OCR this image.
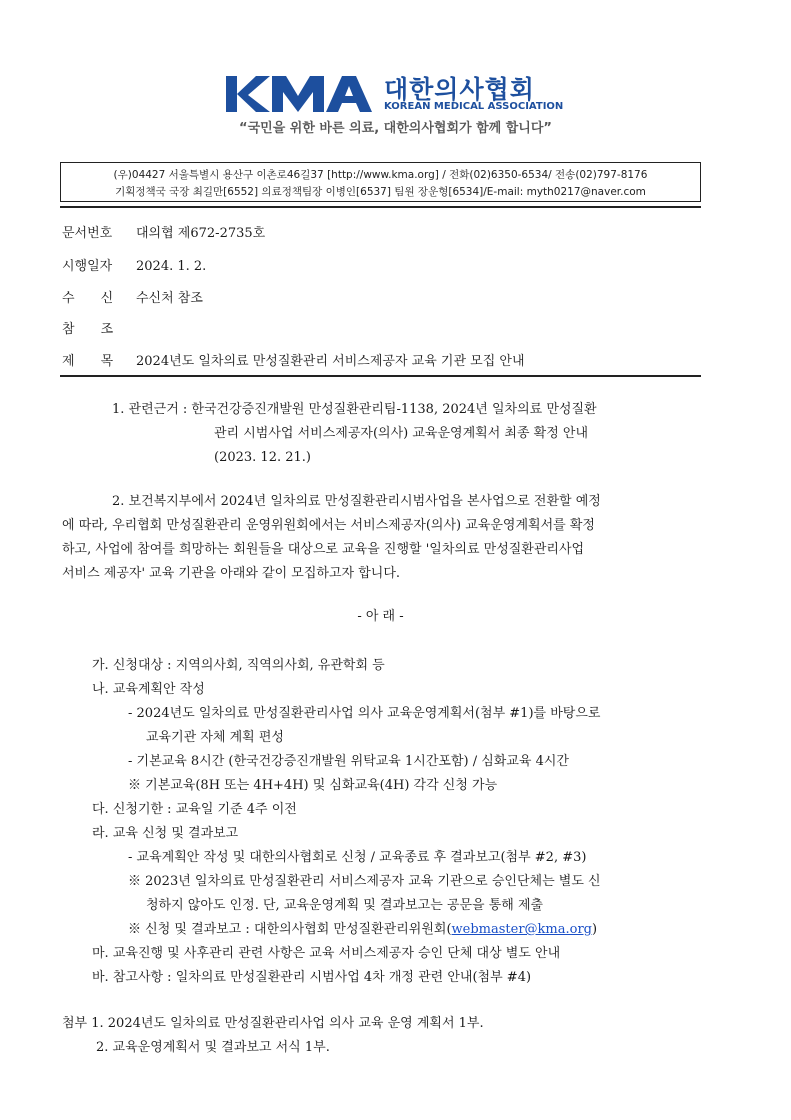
대한의사협회
KOREAN MEDICAL ASSOCIATION
“국민을 위한 바른 의료, 대한의사협회가 함께 합니다”
(우)04427 서울특별시 용산구 이촌로46길37 [http://www.kma.org] / 전화(02)6350-6534/ 전송(02)797-8176
기획정책국 국장 최길만[6552] 의료정책팀장 이병인[6537] 팀원 장운형[6534]/E-mail: myth0217@naver.com
문서번호 대의협 제672-2735호
시행일자 2024. 1. 2.
수 신 수신처 참조
참 조
제 목 2024년도 일차의료 만성질환관리 서비스제공자 교육 기관 모집 안내
1. 관련근거 : 한국건강증진개발원 만성질환관리팀-1138, 2024년 일차의료 만성질환
관리 시범사업 서비스제공자(의사) 교육운영계획서 최종 확정 안내
(2023. 12. 21.)
2. 보건복지부에서 2024년 일차의료 만성질환관리시범사업을 본사업으로 전환할 예정
에 따라, 우리협회 만성질환관리 운영위원회에서는 서비스제공자(의사) 교육운영계획서를 확정
하고, 사업에 참여를 희망하는 회원들을 대상으로 교육을 진행할 '일차의료 만성질환관리사업
서비스 제공자' 교육 기관을 아래와 같이 모집하고자 합니다.
- 아 래 -
가. 신청대상 : 지역의사회, 직역의사회, 유관학회 등
나. 교육계획안 작성
- 2024년도 일차의료 만성질환관리사업 의사 교육운영계획서(첨부 #1)를 바탕으로
교육기관 자체 계획 편성
- 기본교육 8시간 (한국건강증진개발원 위탁교육 1시간포함) / 심화교육 4시간
※ 기본교육(8H 또는 4H+4H) 및 심화교육(4H) 각각 신청 가능
다. 신청기한 : 교육일 기준 4주 이전
라. 교육 신청 및 결과보고
- 교육계획안 작성 및 대한의사협회로 신청 / 교육종료 후 결과보고(첨부 #2, #3)
※ 2023년 일차의료 만성질환관리 서비스제공자 교육 기관으로 승인단체는 별도 신
청하지 않아도 인정. 단, 교육운영계획 및 결과보고는 공문을 통해 제출
※ 신청 및 결과보고 : 대한의사협회 만성질환관리위원회(webmaster@kma.org)
마. 교육진행 및 사후관리 관련 사항은 교육 서비스제공자 승인 단체 대상 별도 안내
바. 참고사항 : 일차의료 만성질환관리 시범사업 4차 개정 관련 안내(첨부 #4)
첨부 1. 2024년도 일차의료 만성질환관리사업 의사 교육 운영 계획서 1부.
2. 교육운영계획서 및 결과보고 서식 1부.
